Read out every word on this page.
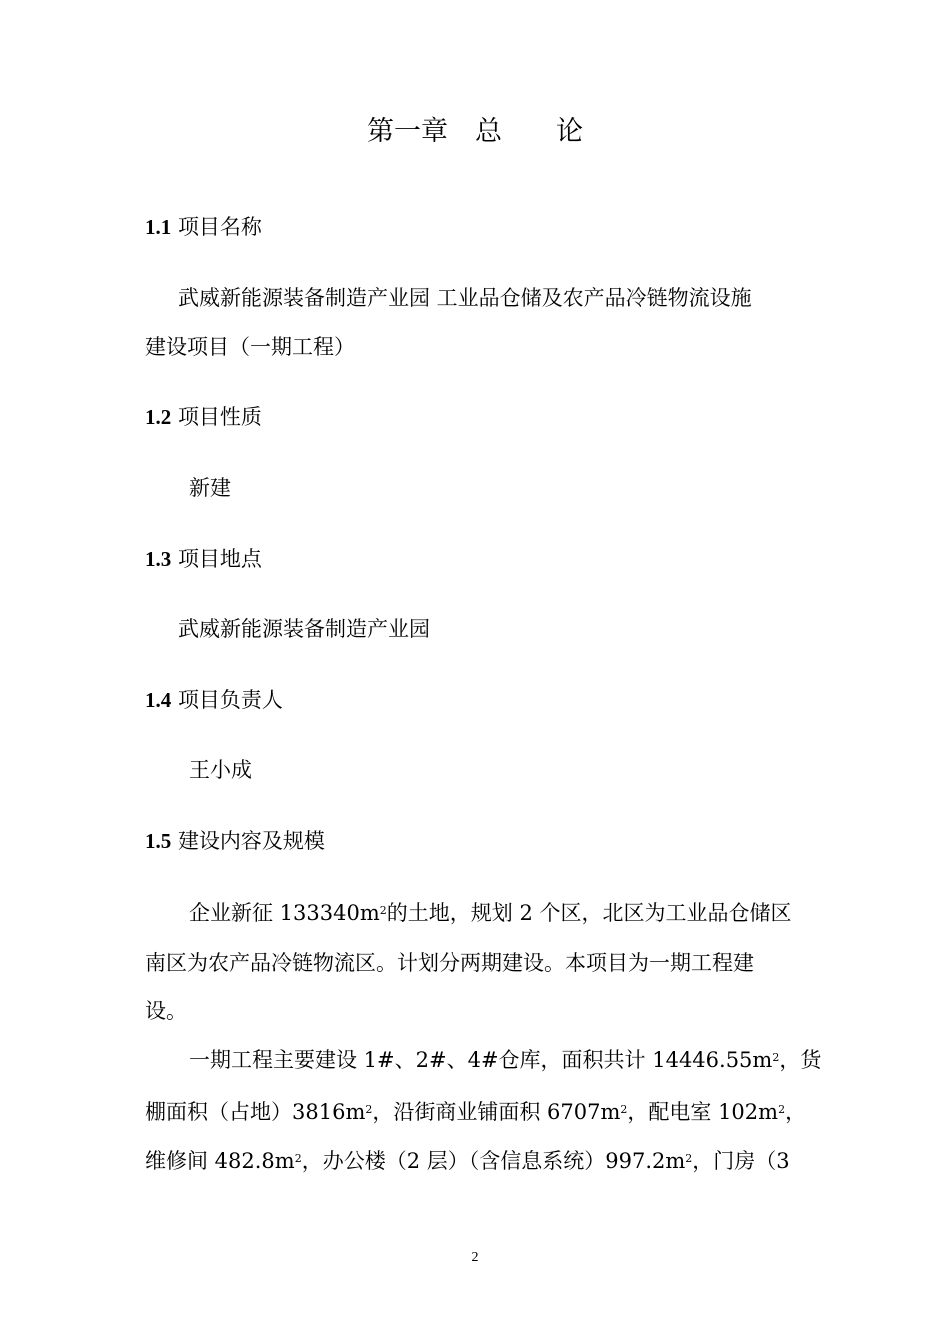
第一章　总　　论
1.1 项目名称
武威新能源装备制造产业园 工业品仓储及农产品冷链物流设施
建设项目（一期工程）
1.2 项目性质
新建
1.3 项目地点
武威新能源装备制造产业园
1.4 项目负责人
王小成
1.5 建设内容及规模
企业新征 $133340m^2$的土地，规划 2 个区，北区为工业品仓储区
南区为农产品冷链物流区。计划分两期建设。本项目为一期工程建
设。
一期工程主要建设 1#、2#、4#仓库，面积共计 $14446.55m^2$，货
棚面积（占地）$3816m^2$，沿街商业铺面积 $6707m^2$，配电室 $102m^2$，
维修间 $482.8m^2$，办公楼（2 层）（含信息系统）$997.2m^2$，门房（3
2
